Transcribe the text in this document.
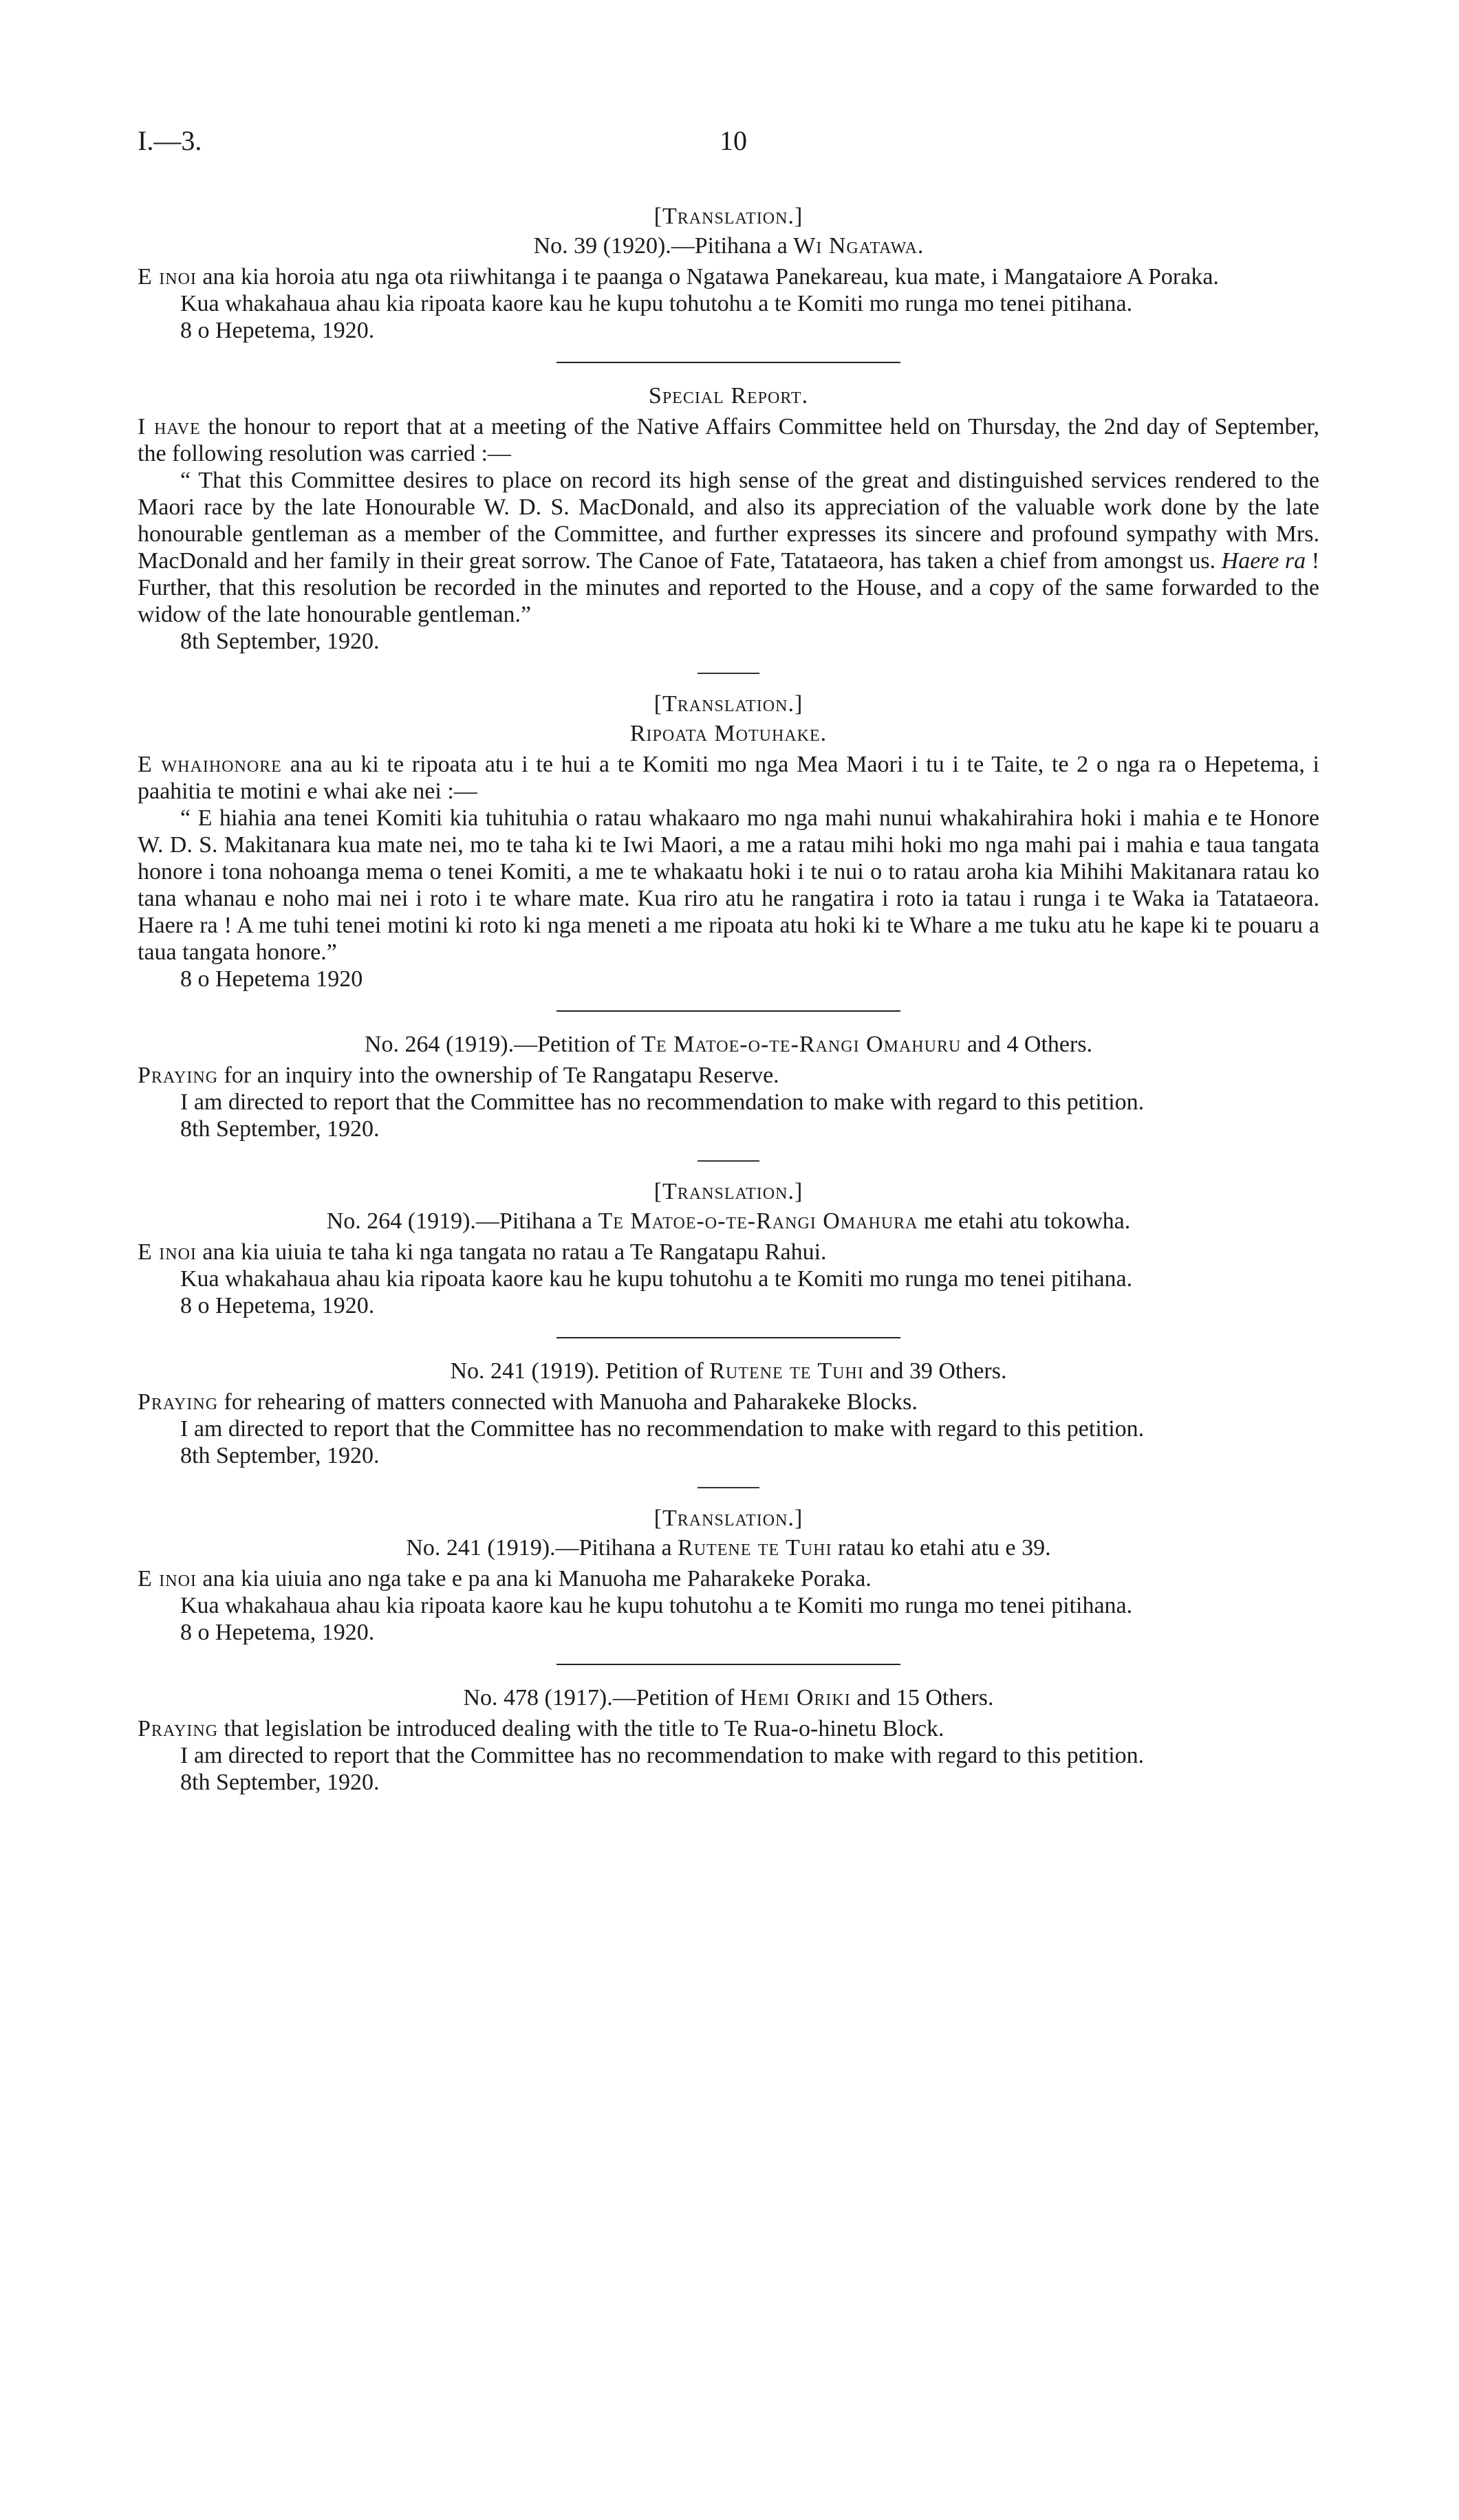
I.—3.	10

[Translation.]

No. 39 (1920).—Pitihana a Wi Ngatawa.

E inoi ana kia horoia atu nga ota riiwhitanga i te paanga o Ngatawa Panekareau, kua mate, i Mangataiore A Poraka.

Kua whakahaua ahau kia ripoata kaore kau he kupu tohutohu a te Komiti mo runga mo tenei pitihana.

8 o Hepetema, 1920.

Special Report.

I have the honour to report that at a meeting of the Native Affairs Committee held on Thursday, the 2nd day of September, the following resolution was carried :—

“ That this Committee desires to place on record its high sense of the great and distinguished services rendered to the Maori race by the late Honourable W. D. S. MacDonald, and also its appreciation of the valuable work done by the late honourable gentleman as a member of the Committee, and further expresses its sincere and profound sympathy with Mrs. MacDonald and her family in their great sorrow. The Canoe of Fate, Tatataeora, has taken a chief from amongst us. Haere ra ! Further, that this resolution be recorded in the minutes and reported to the House, and a copy of the same forwarded to the widow of the late honourable gentleman.”

8th September, 1920.

[Translation.]

Ripoata Motuhake.

E whaihonore ana au ki te ripoata atu i te hui a te Komiti mo nga Mea Maori i tu i te Taite, te 2 o nga ra o Hepetema, i paahitia te motini e whai ake nei :—

“ E hiahia ana tenei Komiti kia tuhituhia o ratau whakaaro mo nga mahi nunui whakahirahira hoki i mahia e te Honore W. D. S. Makitanara kua mate nei, mo te taha ki te Iwi Maori, a me a ratau mihi hoki mo nga mahi pai i mahia e taua tangata honore i tona nohoanga mema o tenei Komiti, a me te whakaatu hoki i te nui o to ratau aroha kia Mihihi Makitanara ratau ko tana whanau e noho mai nei i roto i te whare mate. Kua riro atu he rangatira i roto ia tatau i runga i te Waka ia Tatataeora. Haere ra ! A me tuhi tenei motini ki roto ki nga meneti a me ripoata atu hoki ki te Whare a me tuku atu he kape ki te pouaru a taua tangata honore.”

8 o Hepetema 1920

No. 264 (1919).—Petition of Te Matoe-o-te-Rangi Omahuru and 4 Others.

Praying for an inquiry into the ownership of Te Rangatapu Reserve.

I am directed to report that the Committee has no recommendation to make with regard to this petition.

8th September, 1920.

[Translation.]

No. 264 (1919).—Pitihana a Te Matoe-o-te-Rangi Omahura me etahi atu tokowha.

E inoi ana kia uiuia te taha ki nga tangata no ratau a Te Rangatapu Rahui.

Kua whakahaua ahau kia ripoata kaore kau he kupu tohutohu a te Komiti mo runga mo tenei pitihana.

8 o Hepetema, 1920.

No. 241 (1919). Petition of Rutene te Tuhi and 39 Others.

Praying for rehearing of matters connected with Manuoha and Paharakeke Blocks.

I am directed to report that the Committee has no recommendation to make with regard to this petition.

8th September, 1920.

[Translation.]

No. 241 (1919).—Pitihana a Rutene te Tuhi ratau ko etahi atu e 39.

E inoi ana kia uiuia ano nga take e pa ana ki Manuoha me Paharakeke Poraka.

Kua whakahaua ahau kia ripoata kaore kau he kupu tohutohu a te Komiti mo runga mo tenei pitihana.

8 o Hepetema, 1920.

No. 478 (1917).—Petition of Hemi Oriki and 15 Others.

Praying that legislation be introduced dealing with the title to Te Rua-o-hinetu Block.

I am directed to report that the Committee has no recommendation to make with regard to this petition.

8th September, 1920.
